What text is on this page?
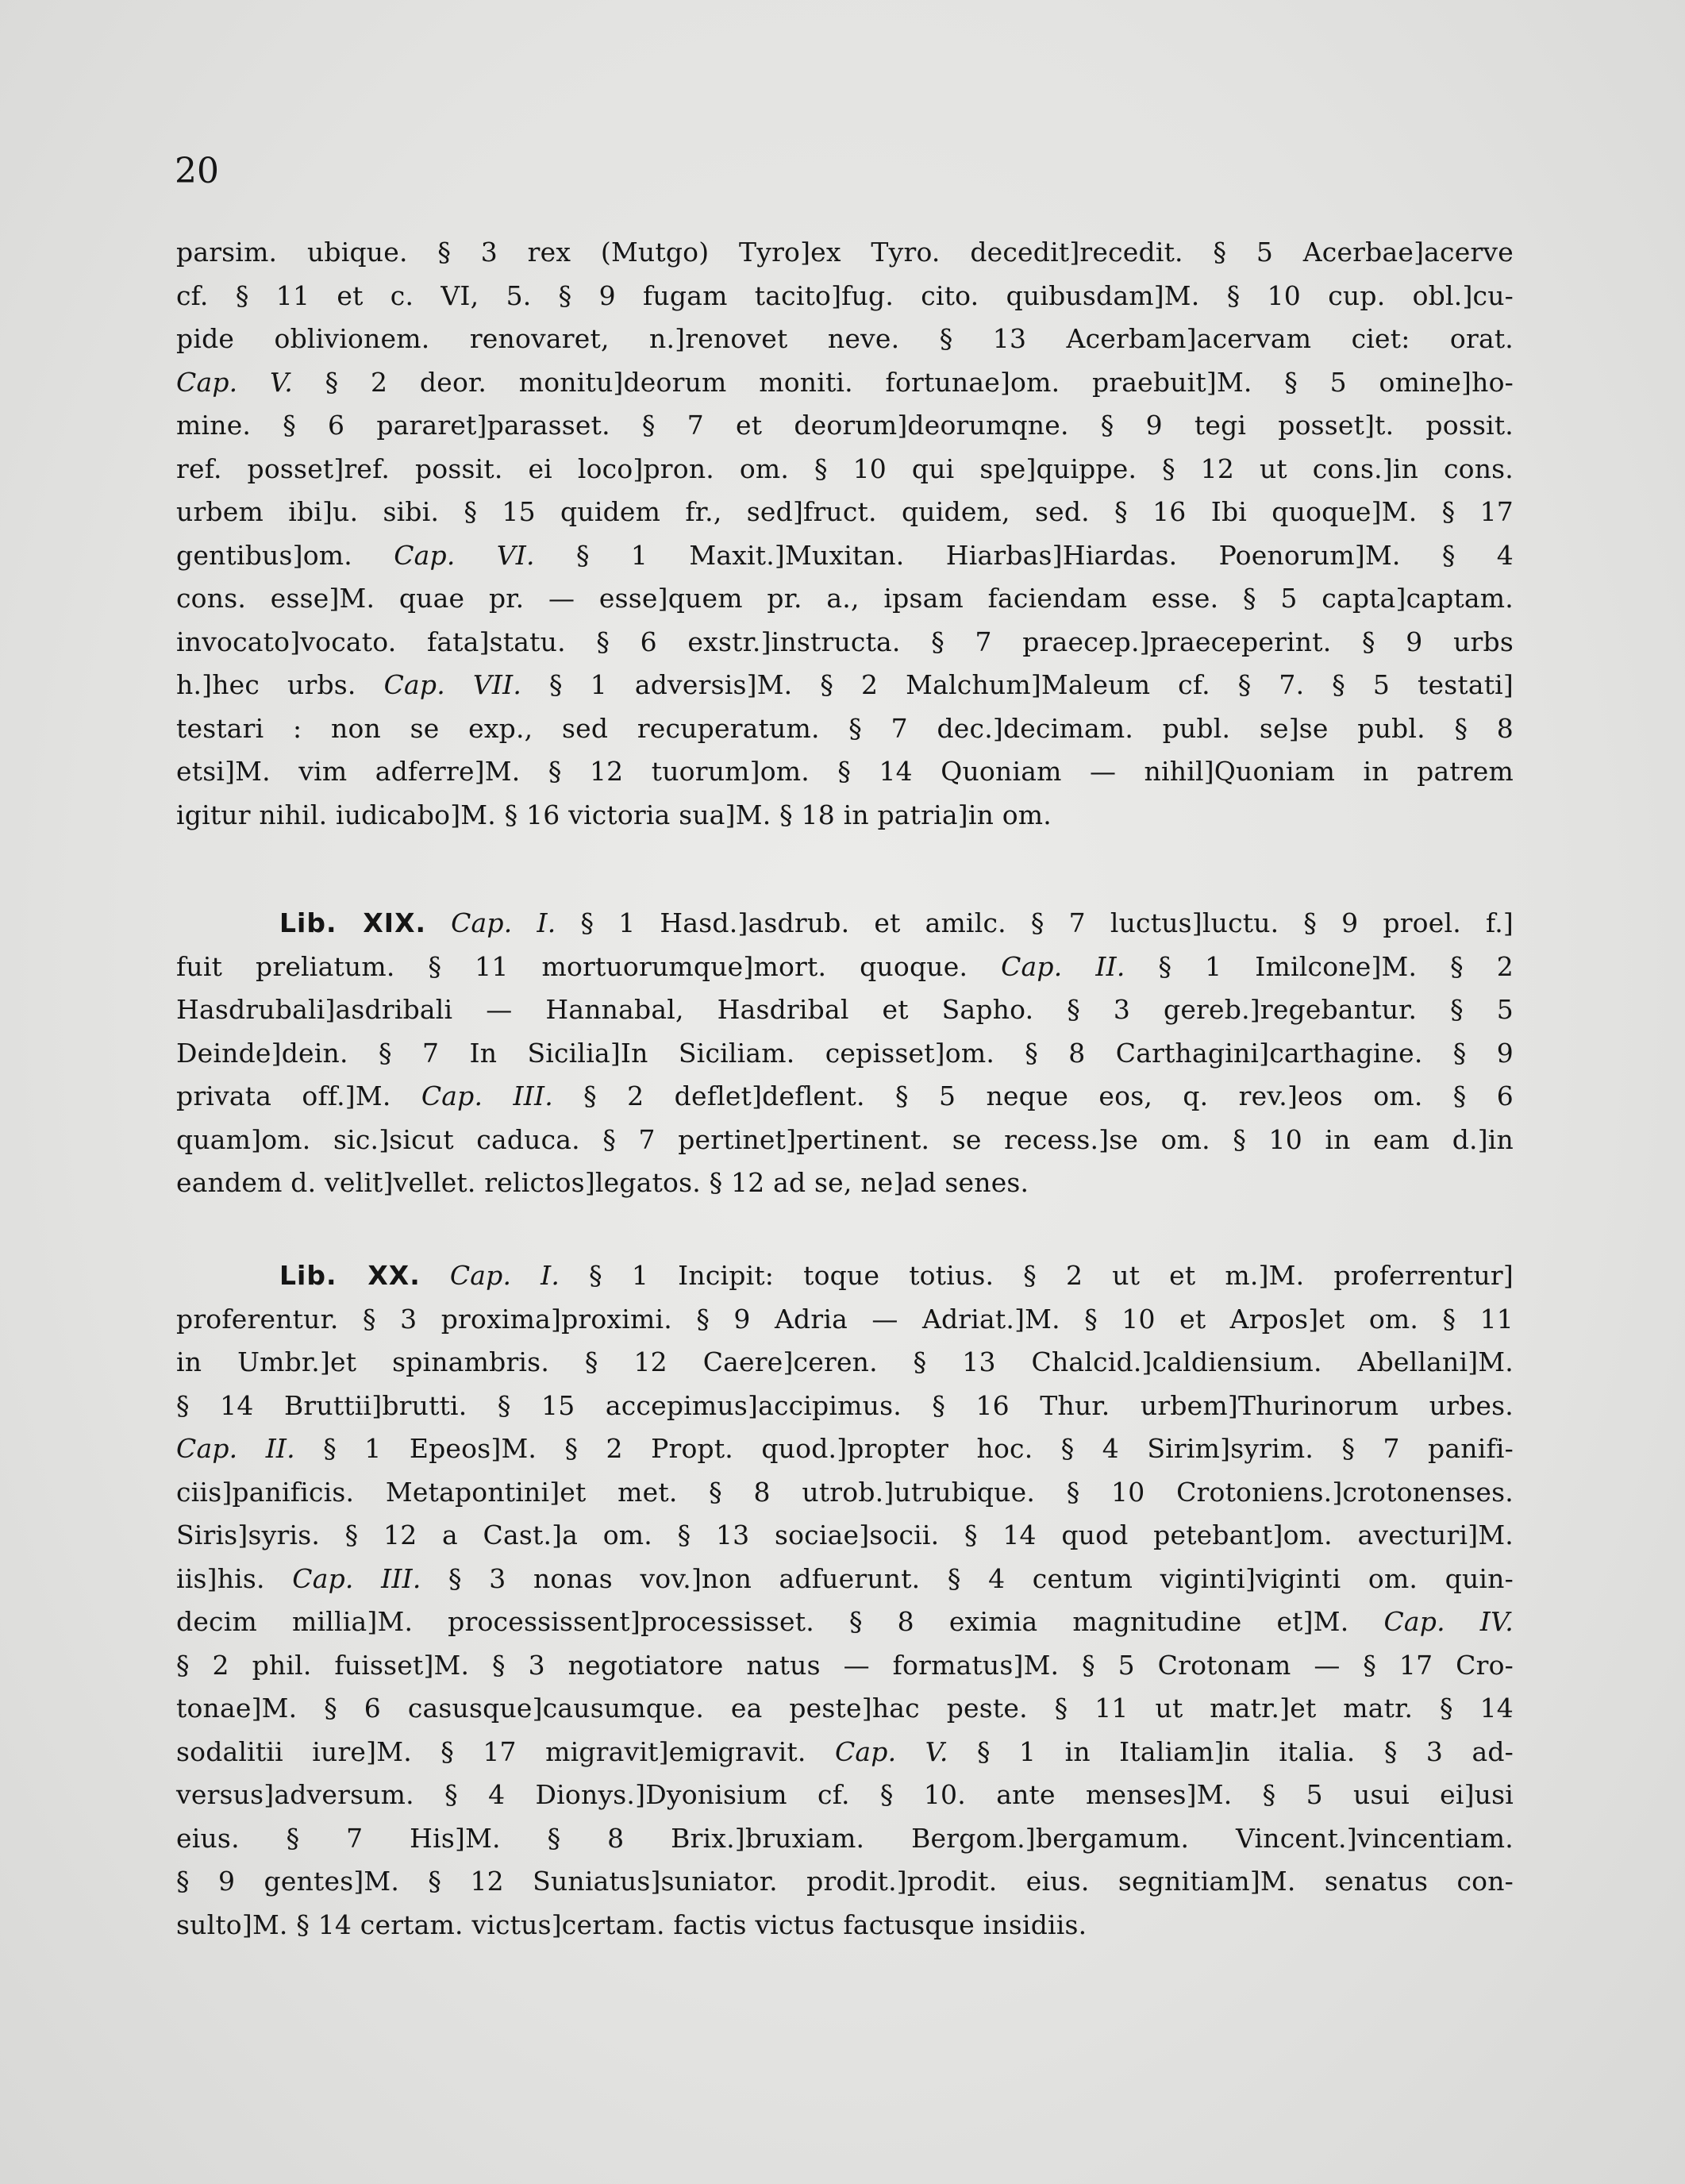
20
parsim. ubique. § 3 rex (Mutgo) Tyro]ex Tyro. decedit]recedit. § 5 Acerbae]acerve
cf. § 11 et c. VI, 5. § 9 fugam tacito]fug. cito. quibusdam]M. § 10 cup. obl.]cu-
pide oblivionem. renovaret, n.]renovet neve. § 13 Acerbam]acervam ciet: orat.
Cap. V. § 2 deor. monitu]deorum moniti. fortunae]om. praebuit]M. § 5 omine]ho-
mine. § 6 pararet]parasset. § 7 et deorum]deorumqne. § 9 tegi posset]t. possit.
ref. posset]ref. possit. ei loco]pron. om. § 10 qui spe]quippe. § 12 ut cons.]in cons.
urbem ibi]u. sibi. § 15 quidem fr., sed]fruct. quidem, sed. § 16 Ibi quoque]M. § 17
gentibus]om. Cap. VI. § 1 Maxit.]Muxitan. Hiarbas]Hiardas. Poenorum]M. § 4
cons. esse]M. quae pr. — esse]quem pr. a., ipsam faciendam esse. § 5 capta]captam.
invocato]vocato. fata]statu. § 6 exstr.]instructa. § 7 praecep.]praeceperint. § 9 urbs
h.]hec urbs. Cap. VII. § 1 adversis]M. § 2 Malchum]Maleum cf. § 7. § 5 testati]
testari : non se exp., sed recuperatum. § 7 dec.]decimam. publ. se]se publ. § 8
etsi]M. vim adferre]M. § 12 tuorum]om. § 14 Quoniam — nihil]Quoniam in patrem
igitur nihil. iudicabo]M. § 16 victoria sua]M. § 18 in patria]in om.
Lib. XIX. Cap. I. § 1 Hasd.]asdrub. et amilc. § 7 luctus]luctu. § 9 proel. f.]
fuit preliatum. § 11 mortuorumque]mort. quoque. Cap. II. § 1 Imilcone]M. § 2
Hasdrubali]asdribali — Hannabal, Hasdribal et Sapho. § 3 gereb.]regebantur. § 5
Deinde]dein. § 7 In Sicilia]In Siciliam. cepisset]om. § 8 Carthagini]carthagine. § 9
privata off.]M. Cap. III. § 2 deflet]deflent. § 5 neque eos, q. rev.]eos om. § 6
quam]om. sic.]sicut caduca. § 7 pertinet]pertinent. se recess.]se om. § 10 in eam d.]in
eandem d. velit]vellet. relictos]legatos. § 12 ad se, ne]ad senes.
Lib. XX. Cap. I. § 1 Incipit: toque totius. § 2 ut et m.]M. proferrentur]
proferentur. § 3 proxima]proximi. § 9 Adria — Adriat.]M. § 10 et Arpos]et om. § 11
in Umbr.]et spinambris. § 12 Caere]ceren. § 13 Chalcid.]caldiensium. Abellani]M.
§ 14 Bruttii]brutti. § 15 accepimus]accipimus. § 16 Thur. urbem]Thurinorum urbes.
Cap. II. § 1 Epeos]M. § 2 Propt. quod.]propter hoc. § 4 Sirim]syrim. § 7 panifi-
ciis]panificis. Metapontini]et met. § 8 utrob.]utrubique. § 10 Crotoniens.]crotonenses.
Siris]syris. § 12 a Cast.]a om. § 13 sociae]socii. § 14 quod petebant]om. avecturi]M.
iis]his. Cap. III. § 3 nonas vov.]non adfuerunt. § 4 centum viginti]viginti om. quin-
decim millia]M. processissent]processisset. § 8 eximia magnitudine et]M. Cap. IV.
§ 2 phil. fuisset]M. § 3 negotiatore natus — formatus]M. § 5 Crotonam — § 17 Cro-
tonae]M. § 6 casusque]causumque. ea peste]hac peste. § 11 ut matr.]et matr. § 14
sodalitii iure]M. § 17 migravit]emigravit. Cap. V. § 1 in Italiam]in italia. § 3 ad-
versus]adversum. § 4 Dionys.]Dyonisium cf. § 10. ante menses]M. § 5 usui ei]usi
eius. § 7 His]M. § 8 Brix.]bruxiam. Bergom.]bergamum. Vincent.]vincentiam.
§ 9 gentes]M. § 12 Suniatus]suniator. prodit.]prodit. eius. segnitiam]M. senatus con-
sulto]M. § 14 certam. victus]certam. factis victus factusque insidiis.
